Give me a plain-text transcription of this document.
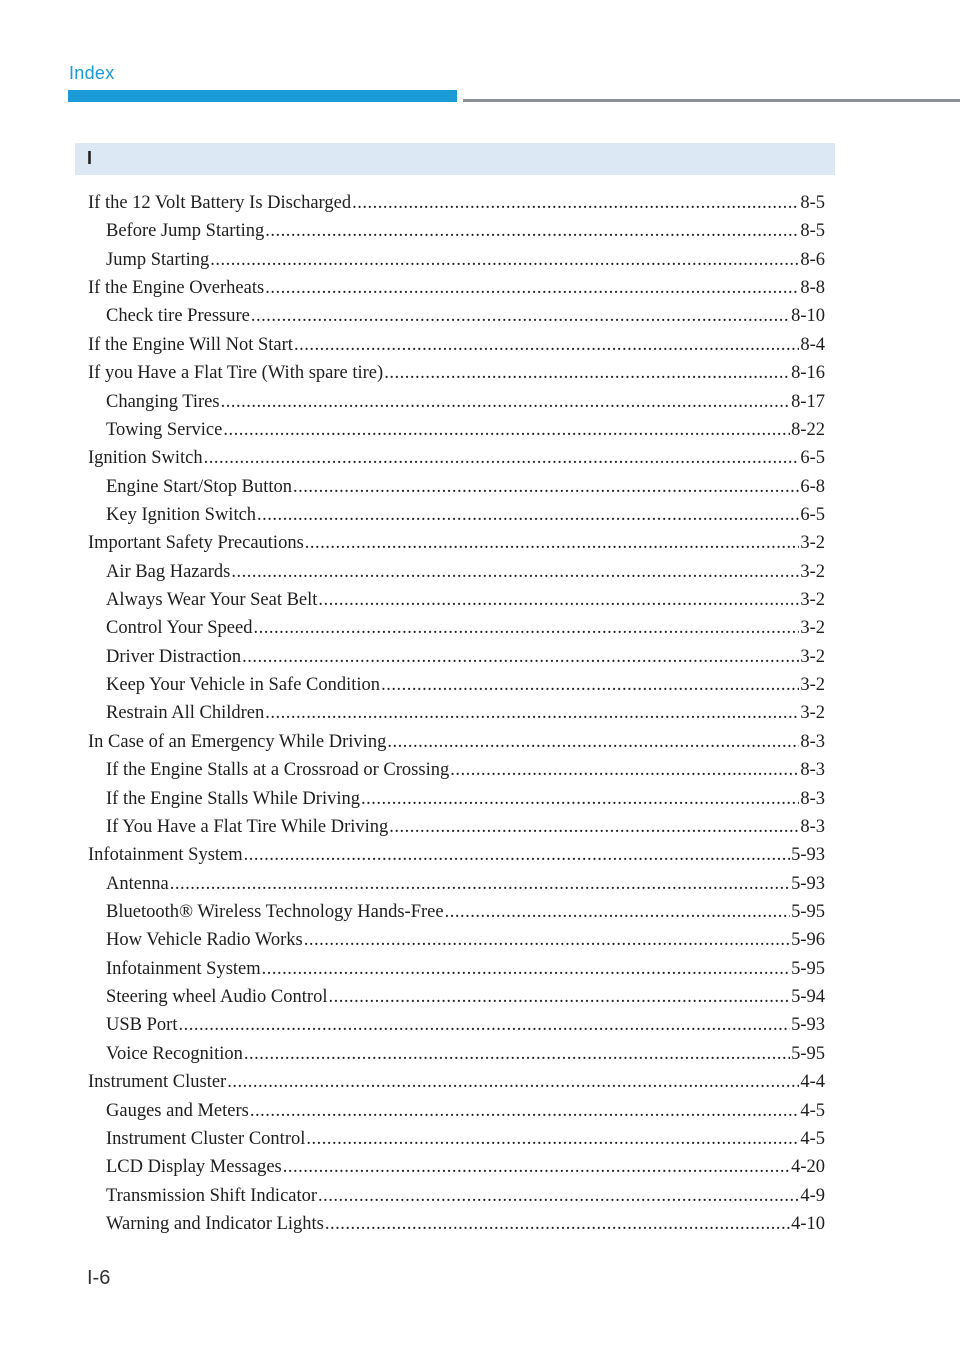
Index
I
If the 12 Volt Battery Is Discharged .....	8-5
Before Jump Starting .....	8-5
Jump Starting .....	8-6
If the Engine Overheats .....	8-8
Check tire Pressure .....	8-10
If the Engine Will Not Start .....	8-4
If you Have a Flat Tire (With spare tire) .....	8-16
Changing Tires .....	8-17
Towing Service .....	8-22
Ignition Switch .....	6-5
Engine Start/Stop Button .....	6-8
Key Ignition Switch .....	6-5
Important Safety Precautions .....	3-2
Air Bag Hazards .....	3-2
Always Wear Your Seat Belt .....	3-2
Control Your Speed .....	3-2
Driver Distraction .....	3-2
Keep Your Vehicle in Safe Condition .....	3-2
Restrain All Children .....	3-2
In Case of an Emergency While Driving .....	8-3
If the Engine Stalls at a Crossroad or Crossing .....	8-3
If the Engine Stalls While Driving .....	8-3
If You Have a Flat Tire While Driving .....	8-3
Infotainment System .....	5-93
Antenna .....	5-93
Bluetooth® Wireless Technology Hands-Free .....	5-95
How Vehicle Radio Works .....	5-96
Infotainment System .....	5-95
Steering wheel Audio Control .....	5-94
USB Port .....	5-93
Voice Recognition .....	5-95
Instrument Cluster .....	4-4
Gauges and Meters .....	4-5
Instrument Cluster Control .....	4-5
LCD Display Messages .....	4-20
Transmission Shift Indicator .....	4-9
Warning and Indicator Lights .....	4-10
I-6
